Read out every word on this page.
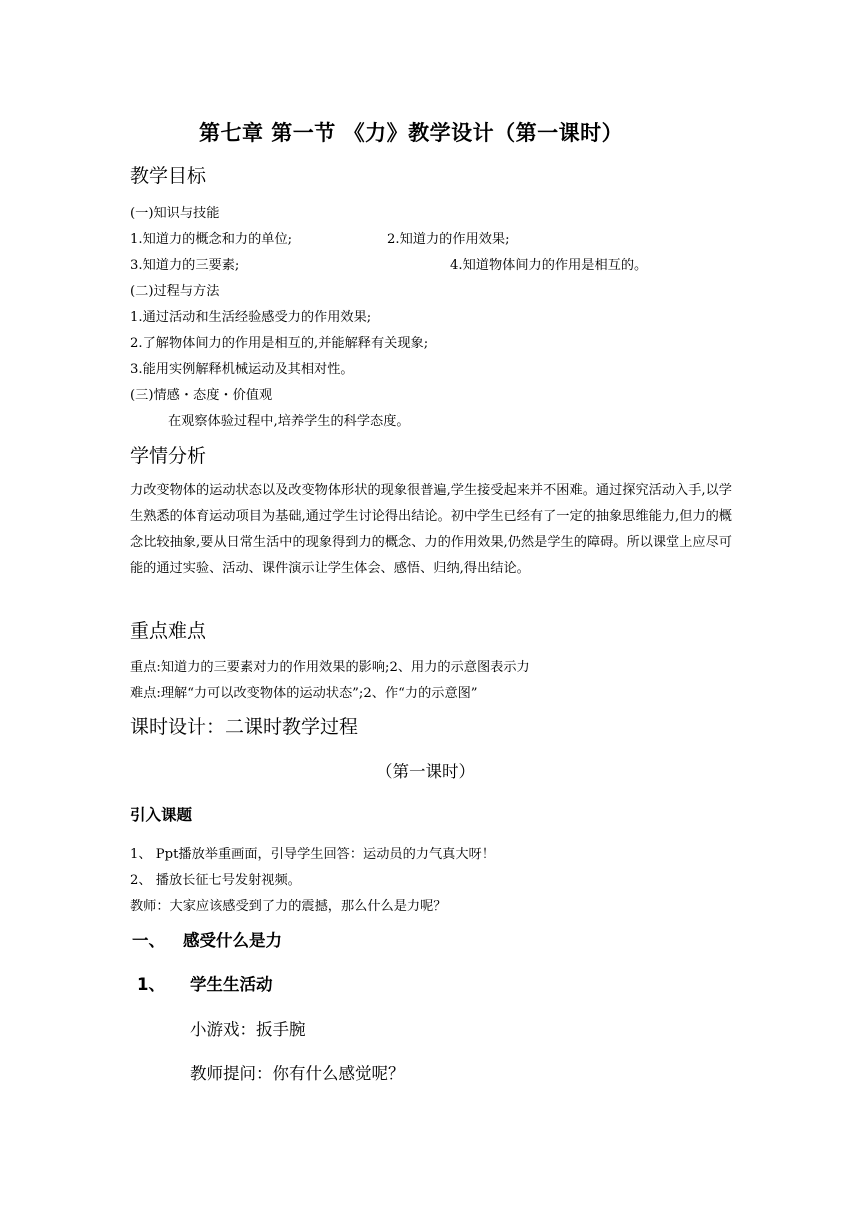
第七章 第一节 《力》教学设计（第一课时）
教学目标
(一)知识与技能
1.知道力的概念和力的单位;	2.知道力的作用效果;
3.知道力的三要素;	4.知道物体间力的作用是相互的。
(二)过程与方法
1.通过活动和生活经验感受力的作用效果;
2.了解物体间力的作用是相互的,并能解释有关现象;
3.能用实例解释机械运动及其相对性。
(三)情感・态度・价值观
在观察体验过程中,培养学生的科学态度。
学情分析
力改变物体的运动状态以及改变物体形状的现象很普遍,学生接受起来并不困难。通过探究活动入手,以学生熟悉的体育运动项目为基础,通过学生讨论得出结论。初中学生已经有了一定的抽象思维能力,但力的概念比较抽象,要从日常生活中的现象得到力的概念、力的作用效果,仍然是学生的障碍。所以课堂上应尽可能的通过实验、活动、课件演示让学生体会、感悟、归纳,得出结论。
重点难点
重点:知道力的三要素对力的作用效果的影响;2、用力的示意图表示力
难点:理解“力可以改变物体的运动状态”;2、作“力的示意图”
课时设计：二课时教学过程
（第一课时）
引入课题
1、 Ppt播放举重画面，引导学生回答：运动员的力气真大呀！
2、 播放长征七号发射视频。
教师：大家应该感受到了力的震撼，那么什么是力呢？
一、 感受什么是力
1、 学生生活动
小游戏：扳手腕
教师提问：你有什么感觉呢？
